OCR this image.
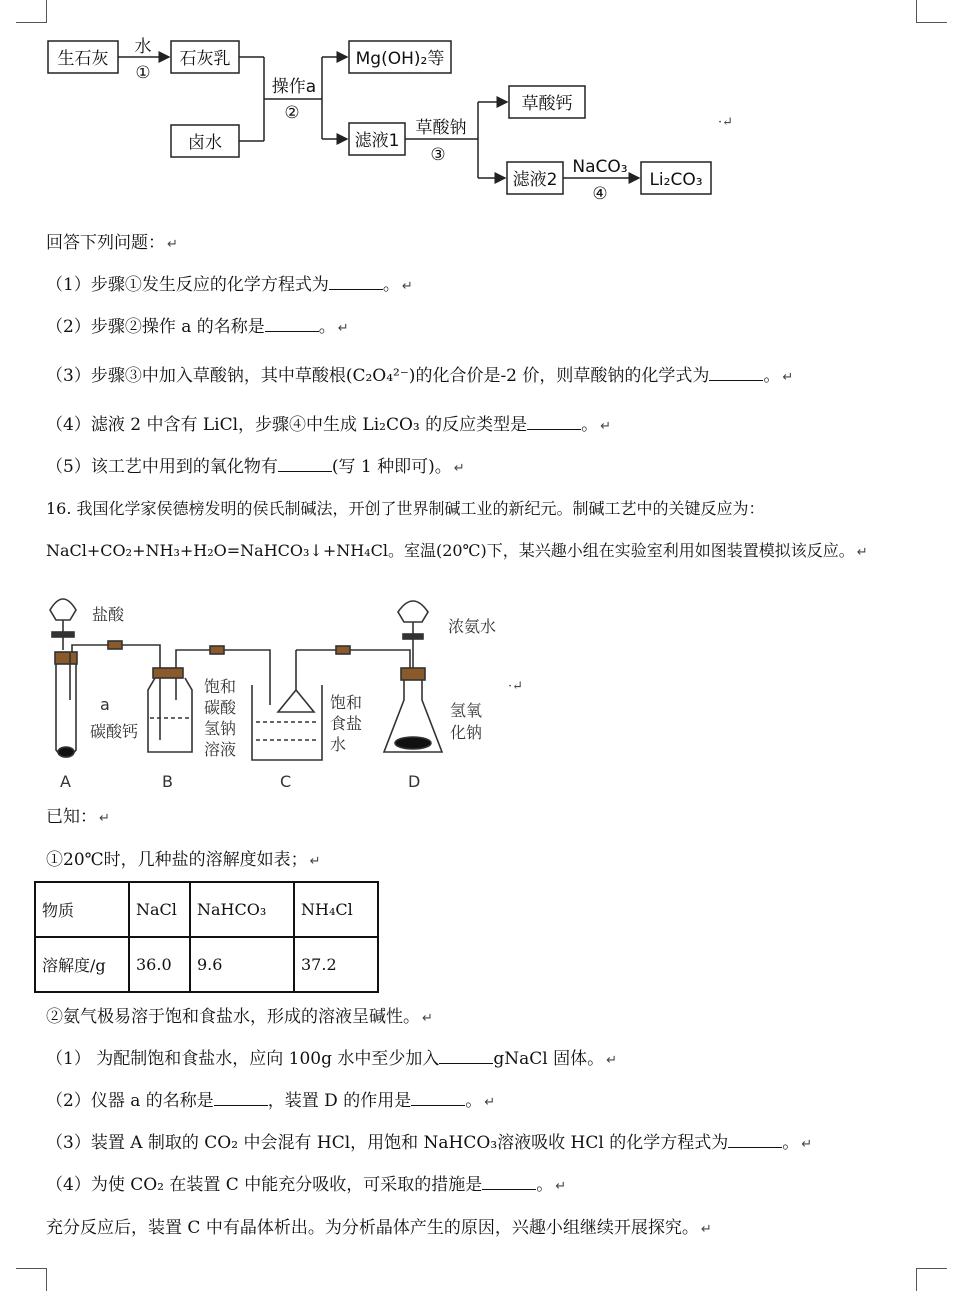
生石灰	石灰乳
卤水
Mg(OH)₂等
滤液1
草酸钙
滤液2	Li₂CO₃
水
①
操作a
②
草酸钠
③
NaCO₃
④
·↵
回答下列问题： ↵
（1）步骤①发生反应的化学方程式为	。 ↵
（2）步骤②操作 a 的名称是	。 ↵
（3）步骤③中加入草酸钠，其中草酸根(C₂O₄²⁻)的化合价是-2 价，则草酸钠的化学式为	。 ↵
（4）滤液 2 中含有 LiCl，步骤④中生成 Li₂CO₃ 的反应类型是	。 ↵
（5）该工艺中用到的氧化物有	(写 1 种即可)。 ↵
16. 我国化学家侯德榜发明的侯氏制碱法，开创了世界制碱工业的新纪元。制碱工艺中的关键反应为：
NaCl+CO₂+NH₃+H₂O=NaHCO₃↓+NH₄Cl。室温(20℃)下，某兴趣小组在实验室利用如图装置模拟该反应。 ↵
盐酸
a
碳酸钙
饱和
碳酸
氢钠
溶液
饱和
食盐
水
浓氨水
氢氧
化钠
A	B	C	D
·↵
已知： ↵
①20℃时，几种盐的溶解度如表； ↵
物质	NaCl	NaHCO₃	NH₄Cl
溶解度/g	36.0	9.6	37.2
②氨气极易溶于饱和食盐水，形成的溶液呈碱性。 ↵
（1） 为配制饱和食盐水，应向 100g 水中至少加入	gNaCl 固体。 ↵
（2）仪器 a 的名称是	，装置 D 的作用是	。 ↵
（3）装置 A 制取的 CO₂ 中会混有 HCl，用饱和 NaHCO₃溶液吸收 HCl 的化学方程式为	。 ↵
（4）为使 CO₂ 在装置 C 中能充分吸收，可采取的措施是	。 ↵
充分反应后，装置 C 中有晶体析出。为分析晶体产生的原因，兴趣小组继续开展探究。 ↵
